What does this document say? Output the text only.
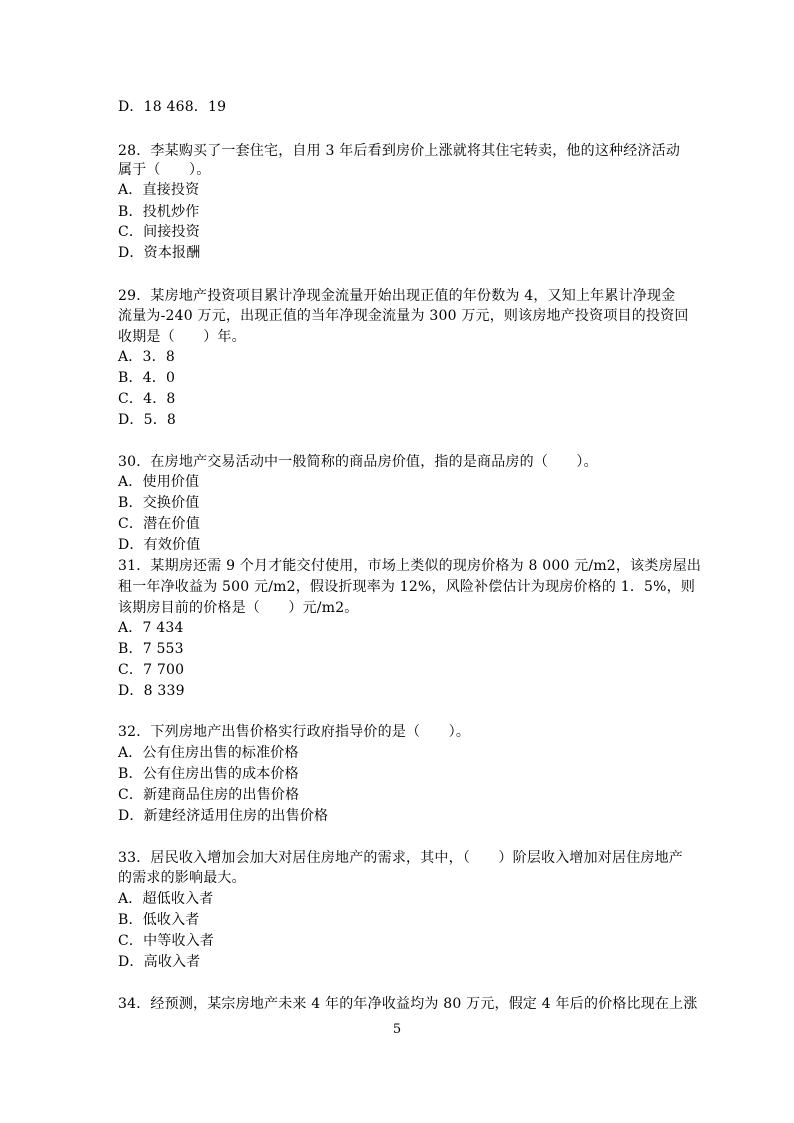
D．18 468．19
28．李某购买了一套住宅，自用 3 年后看到房价上涨就将其住宅转卖，他的这种经济活动
属于（　　）。
A．直接投资
B．投机炒作
C．间接投资
D．资本报酬
29．某房地产投资项目累计净现金流量开始出现正值的年份数为 4，又知上年累计净现金
流量为-240 万元，出现正值的当年净现金流量为 300 万元，则该房地产投资项目的投资回
收期是（　　）年。
A．3．8
B．4．0
C．4．8
D．5．8
30．在房地产交易活动中一般简称的商品房价值，指的是商品房的（　　）。
A．使用价值
B．交换价值
C．潜在价值
D．有效价值
31．某期房还需 9 个月才能交付使用，市场上类似的现房价格为 8 000 元/m2，该类房屋出
租一年净收益为 500 元/m2，假设折现率为 12%，风险补偿估计为现房价格的 1．5%，则
该期房目前的价格是（　　）元/m2。
A．7 434
B．7 553
C．7 700
D．8 339
32．下列房地产出售价格实行政府指导价的是（　　）。
A．公有住房出售的标准价格
B．公有住房出售的成本价格
C．新建商品住房的出售价格
D．新建经济适用住房的出售价格
33．居民收入增加会加大对居住房地产的需求，其中，（　　）阶层收入增加对居住房地产
的需求的影响最大。
A．超低收入者
B．低收入者
C．中等收入者
D．高收入者
34．经预测，某宗房地产未来 4 年的年净收益均为 80 万元，假定 4 年后的价格比现在上涨
5
